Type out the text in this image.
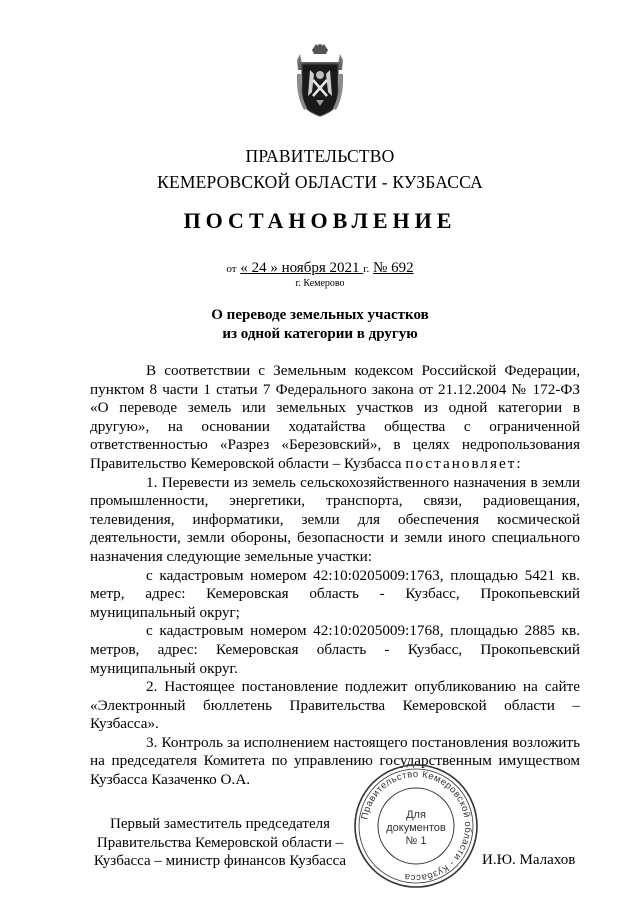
ПРАВИТЕЛЬСТВО
КЕМЕРОВСКОЙ ОБЛАСТИ - КУЗБАССА
ПОСТАНОВЛЕНИЕ
от « 24 » ноября 2021 г. № 692
г. Кемерово
О переводе земельных участков
из одной категории в другую

В соответствии с Земельным кодексом Российской Федерации, пунктом 8 части 1 статьи 7 Федерального закона от 21.12.2004 № 172-ФЗ «О переводе земель или земельных участков из одной категории в другую», на основании ходатайства общества с ограниченной ответственностью «Разрез «Березовский», в целях недропользования Правительство Кемеровской области – Кузбасса постановляет:

1. Перевести из земель сельскохозяйственного назначения в земли промышленности, энергетики, транспорта, связи, радиовещания, телевидения, информатики, земли для обеспечения космической деятельности, земли обороны, безопасности и земли иного специального назначения следующие земельные участки:

с кадастровым номером 42:10:0205009:1763, площадью 5421 кв. метр, адрес: Кемеровская область - Кузбасс, Прокопьевский муниципальный округ;

с кадастровым номером 42:10:0205009:1768, площадью 2885 кв. метров, адрес: Кемеровская область - Кузбасс, Прокопьевский муниципальный округ.

2. Настоящее постановление подлежит опубликованию на сайте «Электронный бюллетень Правительства Кемеровской области – Кузбасса».

3. Контроль за исполнением настоящего постановления возложить на председателя Комитета по управлению государственным имуществом Кузбасса Казаченко О.А.

Первый заместитель председателя
Правительства Кемеровской области –
Кузбасса – министр финансов Кузбасса	И.Ю. Малахов
Правительство Кемеровской области - Кузбасса
Для
документов
№ 1
